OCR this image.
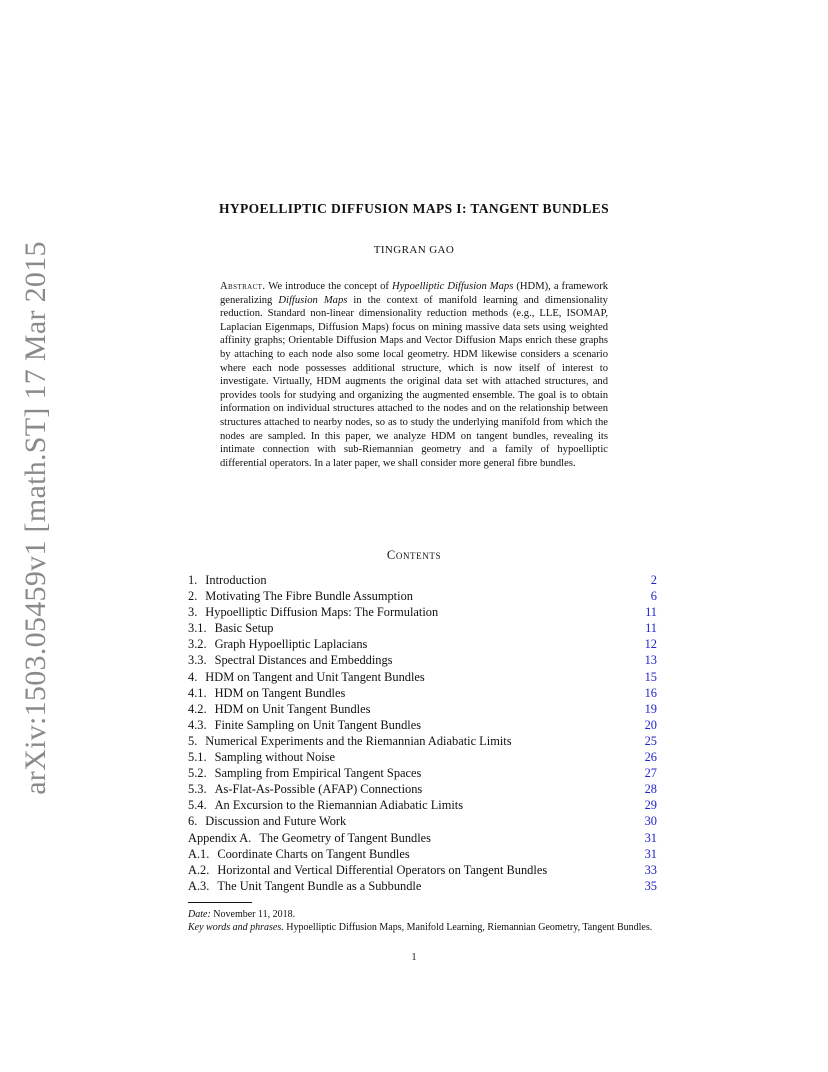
arXiv:1503.05459v1 [math.ST] 17 Mar 2015
HYPOELLIPTIC DIFFUSION MAPS I: TANGENT BUNDLES
TINGRAN GAO
Abstract. We introduce the concept of Hypoelliptic Diffusion Maps (HDM), a framework generalizing Diffusion Maps in the context of manifold learning and dimensionality reduction. Standard non-linear dimensionality reduction methods (e.g., LLE, ISOMAP, Laplacian Eigenmaps, Diffusion Maps) focus on mining massive data sets using weighted affinity graphs; Orientable Diffusion Maps and Vector Diffusion Maps enrich these graphs by attaching to each node also some local geometry. HDM likewise considers a scenario where each node possesses additional structure, which is now itself of interest to investigate. Virtually, HDM augments the original data set with attached structures, and provides tools for studying and organizing the augmented ensemble. The goal is to obtain information on individual structures attached to the nodes and on the relationship between structures attached to nearby nodes, so as to study the underlying manifold from which the nodes are sampled. In this paper, we analyze HDM on tangent bundles, revealing its intimate connection with sub-Riemannian geometry and a family of hypoelliptic differential operators. In a later paper, we shall consider more general fibre bundles.
Contents
1. Introduction	2
2. Motivating The Fibre Bundle Assumption	6
3. Hypoelliptic Diffusion Maps: The Formulation	11
3.1. Basic Setup	11
3.2. Graph Hypoelliptic Laplacians	12
3.3. Spectral Distances and Embeddings	13
4. HDM on Tangent and Unit Tangent Bundles	15
4.1. HDM on Tangent Bundles	16
4.2. HDM on Unit Tangent Bundles	19
4.3. Finite Sampling on Unit Tangent Bundles	20
5. Numerical Experiments and the Riemannian Adiabatic Limits	25
5.1. Sampling without Noise	26
5.2. Sampling from Empirical Tangent Spaces	27
5.3. As-Flat-As-Possible (AFAP) Connections	28
5.4. An Excursion to the Riemannian Adiabatic Limits	29
6. Discussion and Future Work	30
Appendix A. The Geometry of Tangent Bundles	31
A.1. Coordinate Charts on Tangent Bundles	31
A.2. Horizontal and Vertical Differential Operators on Tangent Bundles	33
A.3. The Unit Tangent Bundle as a Subbundle	35

Date: November 11, 2018.

Key words and phrases. Hypoelliptic Diffusion Maps, Manifold Learning, Riemannian Geometry, Tangent Bundles.

1
